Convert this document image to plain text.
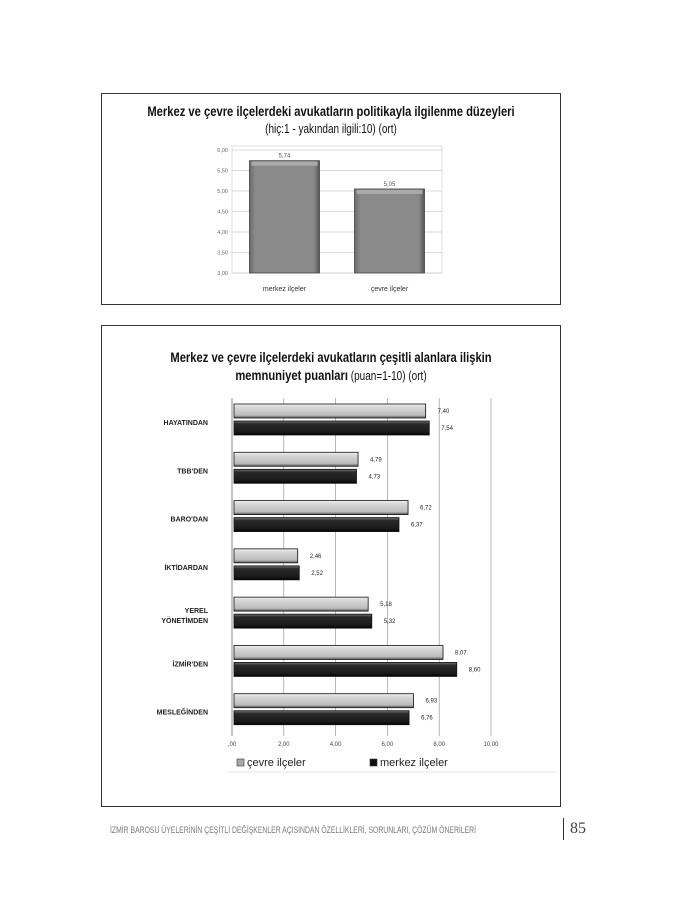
Merkez ve çevre ilçelerdeki avukatların politikayla ilgilenme düzeyleri
(hiç:1 - yakından ilgili:10) (ort)
3,00
3,50
4,00
4,50
5,00
5,50
6,00
5,74
merkez ilçeler
5,05
çevre ilçeler
Merkez ve çevre ilçelerdeki avukatların çeşitli alanlara ilişkin
memnuniyet puanları (puan=1-10) (ort)
,00	2,00	4,00	6,00	8,00	10,00
HAYATINDAN
7,40
7,54
TBB'DEN
4,79
4,73
BARO'DAN
6,72
6,37
İKTİDARDAN
2,46
2,52
YEREL
YÖNETİMDEN
5,18
5,32
İZMİR'DEN
8,07
8,60
MESLEĞİNDEN
6,93
6,76
çevre ilçeler	merkez ilçeler
İZMİR BAROSU ÜYELERİNİN ÇEŞİTLİ DEĞİŞKENLER AÇISINDAN ÖZELLİKLERİ, SORUNLARI, ÇÖZÜM ÖNERİLERİ	85
